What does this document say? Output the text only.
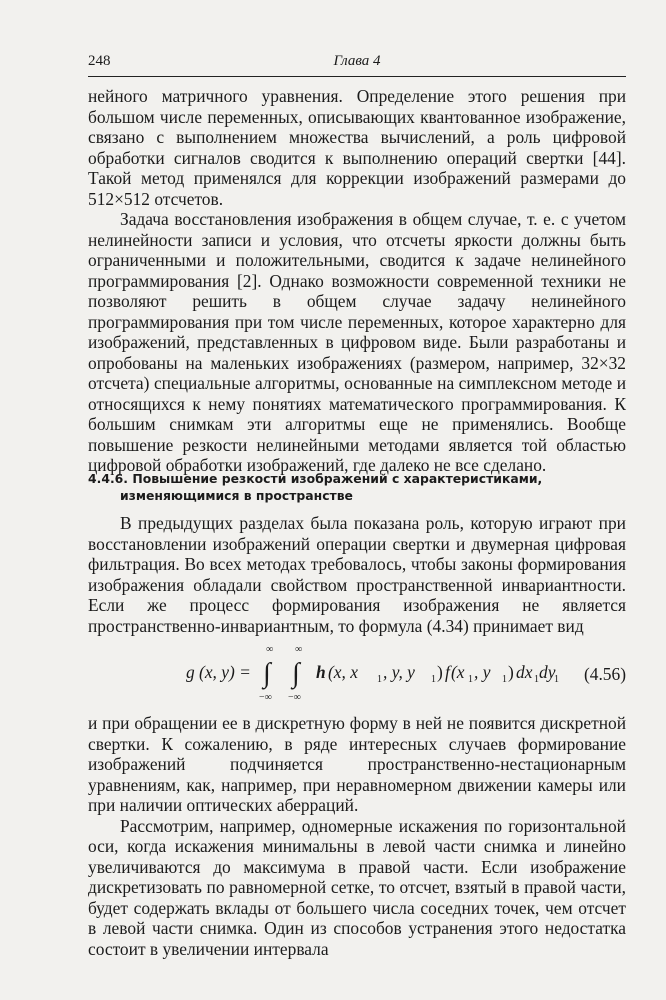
248	Глава 4

нейного матричного уравнения. Определение этого решения при большом числе переменных, описывающих квантованное изображение, связано с выполнением множества вычислений, а роль цифровой обработки сигналов сводится к выполнению операций свертки [44]. Такой метод применялся для коррекции изображений размерами до 512×512 отсчетов.

Задача восстановления изображения в общем случае, т. е. с учетом нелинейности записи и условия, что отсчеты яркости должны быть ограниченными и положительными, сводится к задаче нелинейного программирования [2]. Однако возможности современной техники не позволяют решить в общем случае задачу нелинейного программирования при том числе переменных, которое характерно для изображений, представленных в цифровом виде. Были разработаны и опробованы на маленьких изображениях (размером, например, 32×32 отсчета) специальные алгоритмы, основанные на симплексном методе и относящихся к нему понятиях математического программирования. К большим снимкам эти алгоритмы еще не применялись. Вообще повышение резкости нелинейными методами является той областью цифровой обработки изображений, где далеко не все сделано.

4.4.6. Повышение резкости изображений с характеристиками,
изменяющимися в пространстве

В предыдущих разделах была показана роль, которую играют при восстановлении изображений операции свертки и двумерная цифровая фильтрация. Во всех методах требовалось, чтобы законы формирования изображения обладали свойством пространственной инвариантности. Если же процесс формирования изображения не является пространственно-инвариантным, то формула (4.34) принимает вид

g (x, y) =
∞
∫
−∞
∞
∫
−∞
h (x, x 1 , y, y 1 ) f (x 1 , y 1 ) dx 1 dy
1 (4.56)

и при обращении ее в дискретную форму в ней не появится дискретной свертки. К сожалению, в ряде интересных случаев формирование изображений подчиняется пространственно-нестационарным уравнениям, как, например, при неравномерном движении камеры или при наличии оптических аберраций.

Рассмотрим, например, одномерные искажения по горизонтальной оси, когда искажения минимальны в левой части снимка и линейно увеличиваются до максимума в правой части. Если изображение дискретизовать по равномерной сетке, то отсчет, взятый в правой части, будет содержать вклады от большего числа соседних точек, чем отсчет в левой части снимка. Один из способов устранения этого недостатка состоит в увеличении интервала
